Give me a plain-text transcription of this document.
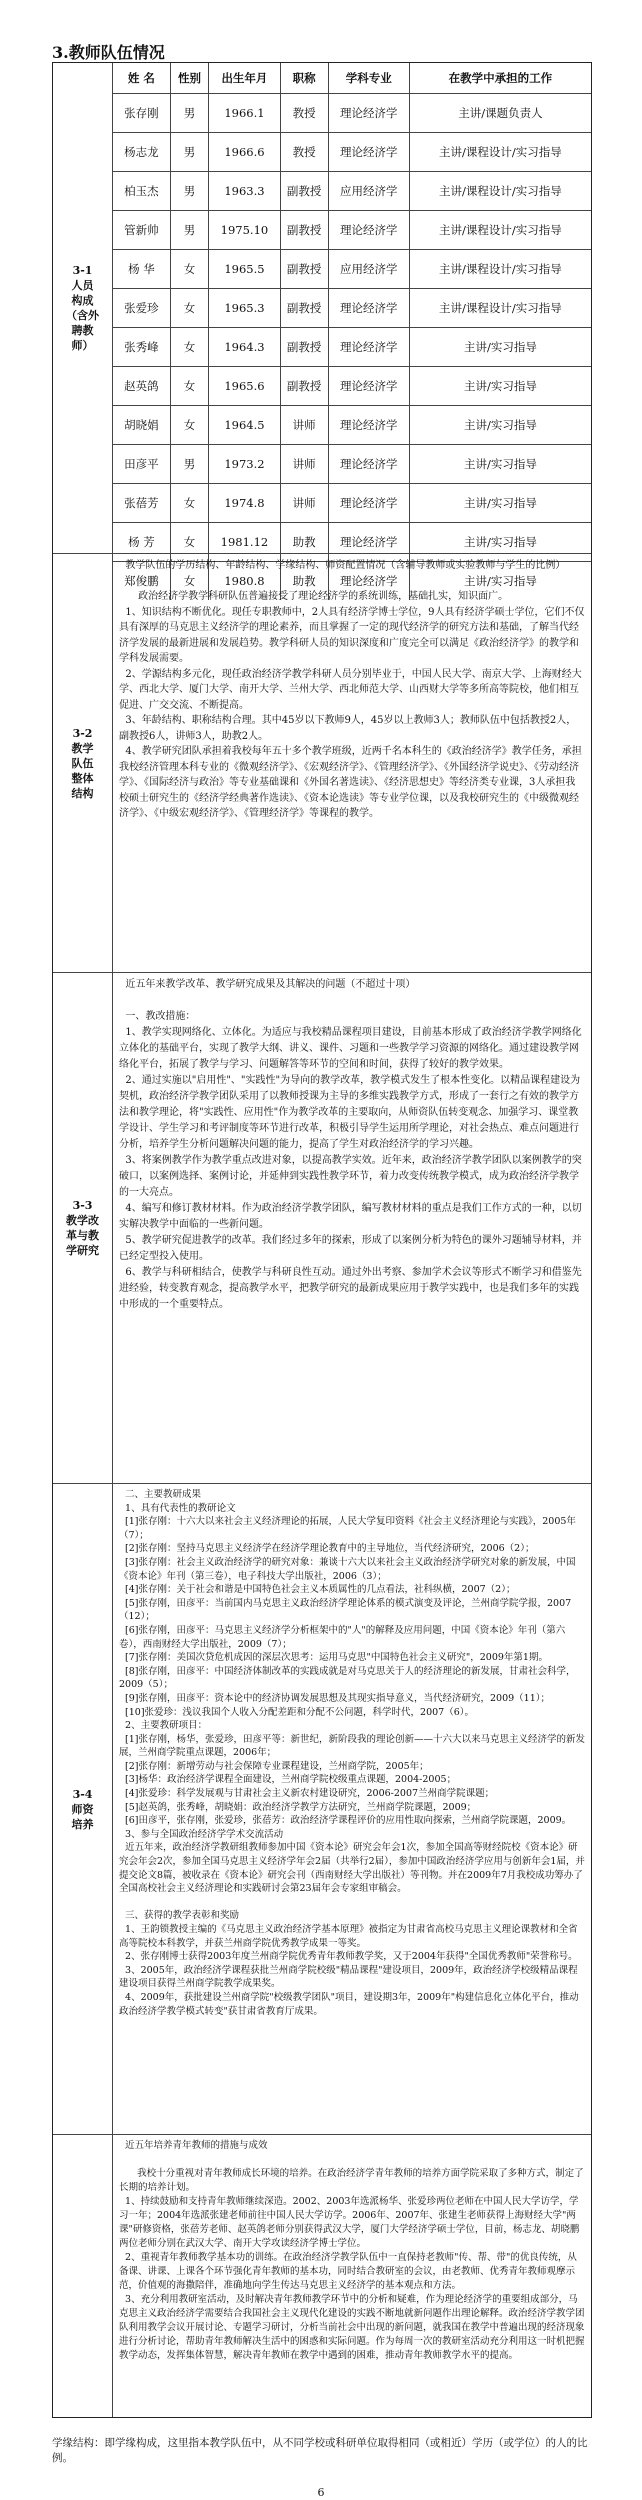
3.教师队伍情况
3-1
人员
构成
（含外
聘教
师）
姓 名	性别	出生年月	职称	学科专业	在教学中承担的工作
张存刚	男	1966.1	教授	理论经济学	主讲/课题负责人
杨志龙	男	1966.6	教授	理论经济学	主讲/课程设计/实习指导
柏玉杰	男	1963.3	副教授	应用经济学	主讲/课程设计/实习指导
管新帅	男	1975.10	副教授	理论经济学	主讲/课程设计/实习指导
杨 华	女	1965.5	副教授	应用经济学	主讲/课程设计/实习指导
张爱珍	女	1965.3	副教授	理论经济学	主讲/课程设计/实习指导
张秀峰	女	1964.3	副教授	理论经济学	主讲/实习指导
赵英鸽	女	1965.6	副教授	理论经济学	主讲/实习指导
胡晓娟	女	1964.5	讲师	理论经济学	主讲/实习指导
田彦平	男	1973.2	讲师	理论经济学	主讲/实习指导
张蓓芳	女	1974.8	讲师	理论经济学	主讲/实习指导
杨 芳	女	1981.12	助教	理论经济学	主讲/实习指导
郑俊鹏	女	1980.8	助教	理论经济学	主讲/实习指导
3-2
教学
队伍
整体
结构
教学队伍的学历结构、年龄结构、学缘结构、师资配置情况（含辅导教师或实验教师与学生的比例）

政治经济学教学科研队伍普遍接受了理论经济学的系统训练，基础扎实，知识面广。
1、知识结构不断优化。现任专职教师中，2人具有经济学博士学位，9人具有经济学硕士学位，它们不仅具有深厚的马克思主义经济学的理论素养，而且掌握了一定的现代经济学的研究方法和基础，了解当代经济学发展的最新进展和发展趋势。教学科研人员的知识深度和广度完全可以满足《政治经济学》的教学和学科发展需要。
2、学源结构多元化，现任政治经济学教学科研人员分别毕业于，中国人民大学、南京大学、上海财经大学、西北大学、厦门大学、南开大学、兰州大学、西北师范大学、山西财大学等多所高等院校，他们相互促进、广交交流、不断提高。
3、年龄结构、职称结构合理。其中45岁以下教师9人，45岁以上教师3人；教师队伍中包括教授2人，副教授6人，讲师3人，助教2人。
4、教学研究团队承担着我校每年五十多个教学班级，近两千名本科生的《政治经济学》教学任务，承担我校经济管理本科专业的《微观经济学》、《宏观经济学》、《管理经济学》、《外国经济学说史》、《劳动经济学》、《国际经济与政治》等专业基础课和《外国名著选读》、《经济思想史》等经济类专业课，3人承担我校硕士研究生的《经济学经典著作选读》、《资本论选读》等专业学位课，以及我校研究生的《中级微观经济学》、《中级宏观经济学》、《管理经济学》等课程的教学。
3-3
教学改
革与教
学研究
近五年来教学改革、教学研究成果及其解决的问题（不超过十项）

一、教改措施：
1、教学实现网络化、立体化。为适应与我校精品课程项目建设，目前基本形成了政治经济学教学网络化立体化的基础平台，实现了教学大纲、讲义、课件、习题和一些教学学习资源的网络化。通过建设教学网络化平台，拓展了教学与学习、问题解答等环节的空间和时间，获得了较好的教学效果。
2、通过实施以"启用性"、"实践性"为导向的教学改革，教学模式发生了根本性变化。以精品课程建设为契机，政治经济学教学团队采用了以教师授课为主导的多维实践教学方式，形成了一套行之有效的教学方法和教学理论，将"实践性、应用性"作为教学改革的主要取向，从师资队伍转变观念、加强学习、课堂教学设计、学生学习和考评制度等环节进行改革，积极引导学生运用所学理论，对社会热点、难点问题进行分析，培养学生分析问题解决问题的能力，提高了学生对政治经济学的学习兴趣。
3、将案例教学作为教学重点改进对象，以提高教学实效。近年来，政治经济学教学团队以案例教学的突破口，以案例选择、案例讨论，并延伸到实践性教学环节，着力改变传统教学模式，成为政治经济学教学的一大亮点。
4、编写和修订教材材料。作为政治经济学教学团队，编写教材材料的重点是我们工作方式的一种，以切实解决教学中面临的一些新问题。
5、教学研究促进教学的改革。我们经过多年的探索，形成了以案例分析为特色的课外习题辅导材料，并已经定型投入使用。
6、教学与科研相结合，使教学与科研良性互动。通过外出考察、参加学术会议等形式不断学习和借鉴先进经验，转变教育观念，提高教学水平，把教学研究的最新成果应用于教学实践中，也是我们多年的实践中形成的一个重要特点。
3-4
师资
培养
二、主要教研成果
1、具有代表性的教研论文
[1]张存刚：十六大以来社会主义经济理论的拓展，人民大学复印资料《社会主义经济理论与实践》，2005年（7）；
[2]张存刚：坚持马克思主义经济学在经济学理论教育中的主导地位，当代经济研究，2006（2）；
[3]张存刚：社会主义政治经济学的研究对象：兼谈十六大以来社会主义政治经济学研究对象的新发展，中国《资本论》年刊（第三卷），电子科技大学出版社，2006（3）；
[4]张存刚：关于社会和谐是中国特色社会主义本质属性的几点看法，社科纵横，2007（2）；
[5]张存刚，田彦平：当前国内马克思主义政治经济学理论体系的模式演变及评论，兰州商学院学报，2007（12）；
[6]张存刚，田彦平：马克思主义经济学分析框架中的"人"的解释及应用问题，中国《资本论》年刊（第六卷），西南财经大学出版社，2009（7）；
[7]张存刚：美国次贷危机成因的深层次思考：运用马克思"中国特色社会主义研究"，2009年第1期。
[8]张存刚，田彦平：中国经济体制改革的实践成就是对马克思关于人的经济理论的新发展，甘肃社会科学，2009（5）；
[9]张存刚，田彦平：资本论中的经济协调发展思想及其现实指导意义，当代经济研究，2009（11）；
[10]张爱珍：浅议我国个人收入分配差距和分配不公问题，科学时代，2007（6）。
2、主要教研项目：
[1]张存刚，杨华，张爱珍，田彦平等：新世纪，新阶段我的理论创新——十六大以来马克思主义经济学的新发展，兰州商学院重点课题，2006年；
[2]张存刚：新增劳动与社会保障专业课程建设，兰州商学院，2005年；
[3]杨华：政治经济学课程全面建设，兰州商学院校级重点课题，2004-2005；
[4]张爱珍：科学发展观与甘肃社会主义新农村建设研究，2006-2007兰州商学院课题；
[5]赵英鸽，张秀峰，胡晓娟：政治经济学教学方法研究，兰州商学院课题，2009；
[6]田彦平，张存刚，张爱珍，张蓓芳：政治经济学课程评价的应用性取向探索，兰州商学院课题，2009。
3、参与全国政治经济学学术交流活动
近五年来，政治经济学教研组教师参加中国《资本论》研究会年会1次，参加全国高等财经院校《资本论》研究会年会2次，参加全国马克思主义经济学年会2届（共举行2届），参加中国政治经济学应用与创新年会1届，并提交论文8篇，被收录在《资本论》研究会刊（西南财经大学出版社）等刊物。并在2009年7月我校成功筹办了全国高校社会主义经济理论和实践研讨会第23届年会专家组审稿会。

三、获得的教学表彰和奖励
1、王韵锁教授主编的《马克思主义政治经济学基本原理》被指定为甘肃省高校马克思主义理论课教材和全省高等院校本科教学，并获兰州商学院优秀教学成果一等奖。
2、张存刚博士获得2003年度兰州商学院优秀青年教师教学奖，又于2004年获得"全国优秀教师"荣誉称号。
3、2005年，政治经济学课程获批兰州商学院校级"精品课程"建设项目，2009年，政治经济学校级精品课程建设项目获得兰州商学院教学成果奖。
4、2009年，获批建设兰州商学院"校级教学团队"项目，建设期3年，2009年"构建信息化立体化平台，推动政治经济学教学模式转变"获甘肃省教育厅成果。
近五年培养青年教师的措施与成效

我校十分重视对青年教师成长环境的培养。在政治经济学青年教师的培养方面学院采取了多种方式，制定了长期的培养计划。
1、持续鼓励和支持青年教师继续深造。2002、2003年选派杨华、张爱珍两位老师在中国人民大学访学，学习一年；2004年选派张建老师前往中国人民大学访学。2006年、2007年、张建生老师获得上海财经大学"两课"研修资格，张蓓芳老师、赵英鸽老师分别获得武汉大学，厦门大学经济学硕士学位，目前，杨志龙、胡晓鹏两位老师分别在武汉大学、南开大学攻读经济学博士学位。
2、重视青年教师教学基本功的训练。在政治经济学教学队伍中一直保持老教师"传、帮、带"的优良传统，从备课、讲课、上课各个环节强化青年教师的基本功，同时结合教研室的会议，由老教师、优秀青年教师观摩示范，价值观的海撒陪伴，准确地向学生传达马克思主义经济学的基本观点和方法。
3、充分利用教研室活动，及时解决青年教师教学环节中的分析和疑难，作为理论经济学的重要组成部分，马克思主义政治经济学需要结合我国社会主义现代化建设的实践不断地就新问题作出理论解释。政治经济学教学团队利用教学会议开展讨论、专题学习研讨，分析当前社会中出现的新问题，就我国在教学中普遍出现的经济现象进行分析讨论，帮助青年教师解决生活中的困惑和实际问题。作为每周一次的教研室活动充分利用这一时机把握教学动态，发挥集体智慧，解决青年教师在教学中遇到的困难，推动青年教师教学水平的提高。
学缘结构：即学缘构成，这里指本教学队伍中，从不同学校或科研单位取得相同（或相近）学历（或学位）的人的比例。
6
